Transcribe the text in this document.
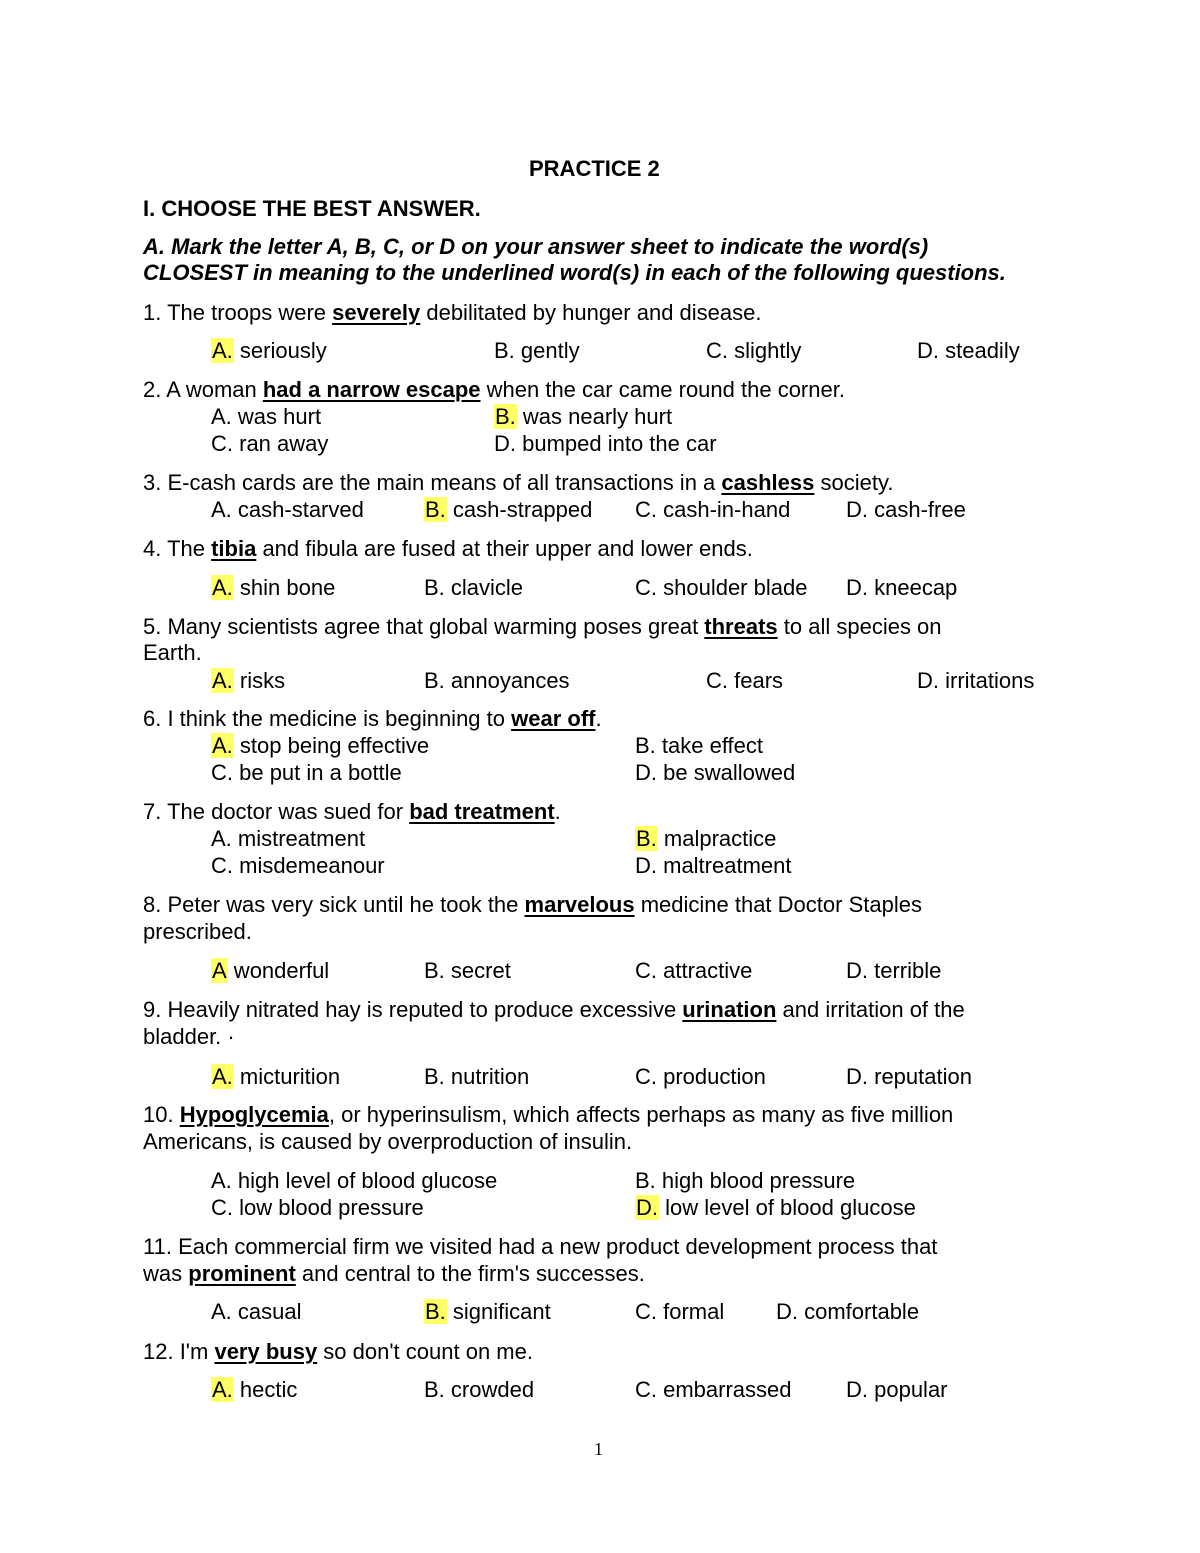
PRACTICE 2
I. CHOOSE THE BEST ANSWER.
A. Mark the letter A, B, C, or D on your answer sheet to indicate the word(s)
CLOSEST in meaning to the underlined word(s) in each of the following questions.
1. The troops were severely debilitated by hunger and disease.
A. seriously	B. gently	C. slightly	D. steadily
2. A woman had a narrow escape when the car came round the corner.
A. was hurt	B. was nearly hurt
C. ran away	D. bumped into the car
3. E-cash cards are the main means of all transactions in a cashless society.
A. cash-starved	B. cash-strapped C. cash-in-hand	D. cash-free
4. The tibia and fibula are fused at their upper and lower ends.
A. shin bone	B. clavicle	C. shoulder blade D. kneecap
5. Many scientists agree that global warming poses great threats to all species on
Earth.
A. risks	B. annoyances	C. fears	D. irritations
6. I think the medicine is beginning to wear off.
A. stop being effective	B. take effect
C. be put in a bottle	D. be swallowed
7. The doctor was sued for bad treatment.
A. mistreatment	B. malpractice
C. misdemeanour	D. maltreatment
8. Peter was very sick until he took the marvelous medicine that Doctor Staples
prescribed.
A wonderful	B. secret	C. attractive	D. terrible
9. Heavily nitrated hay is reputed to produce excessive urination and irritation of the
bladder. ·
A. micturition	B. nutrition	C. production	D. reputation
10. Hypoglycemia, or hyperinsulism, which affects perhaps as many as five million
Americans, is caused by overproduction of insulin.
A. high level of blood glucose	B. high blood pressure
C. low blood pressure	D. low level of blood glucose
11. Each commercial firm we visited had a new product development process that
was prominent and central to the firm's successes.
A. casual	B. significant	C. formal D. comfortable
12. I'm very busy so don't count on me.
A. hectic	B. crowded	C. embarrassed D. popular
1
